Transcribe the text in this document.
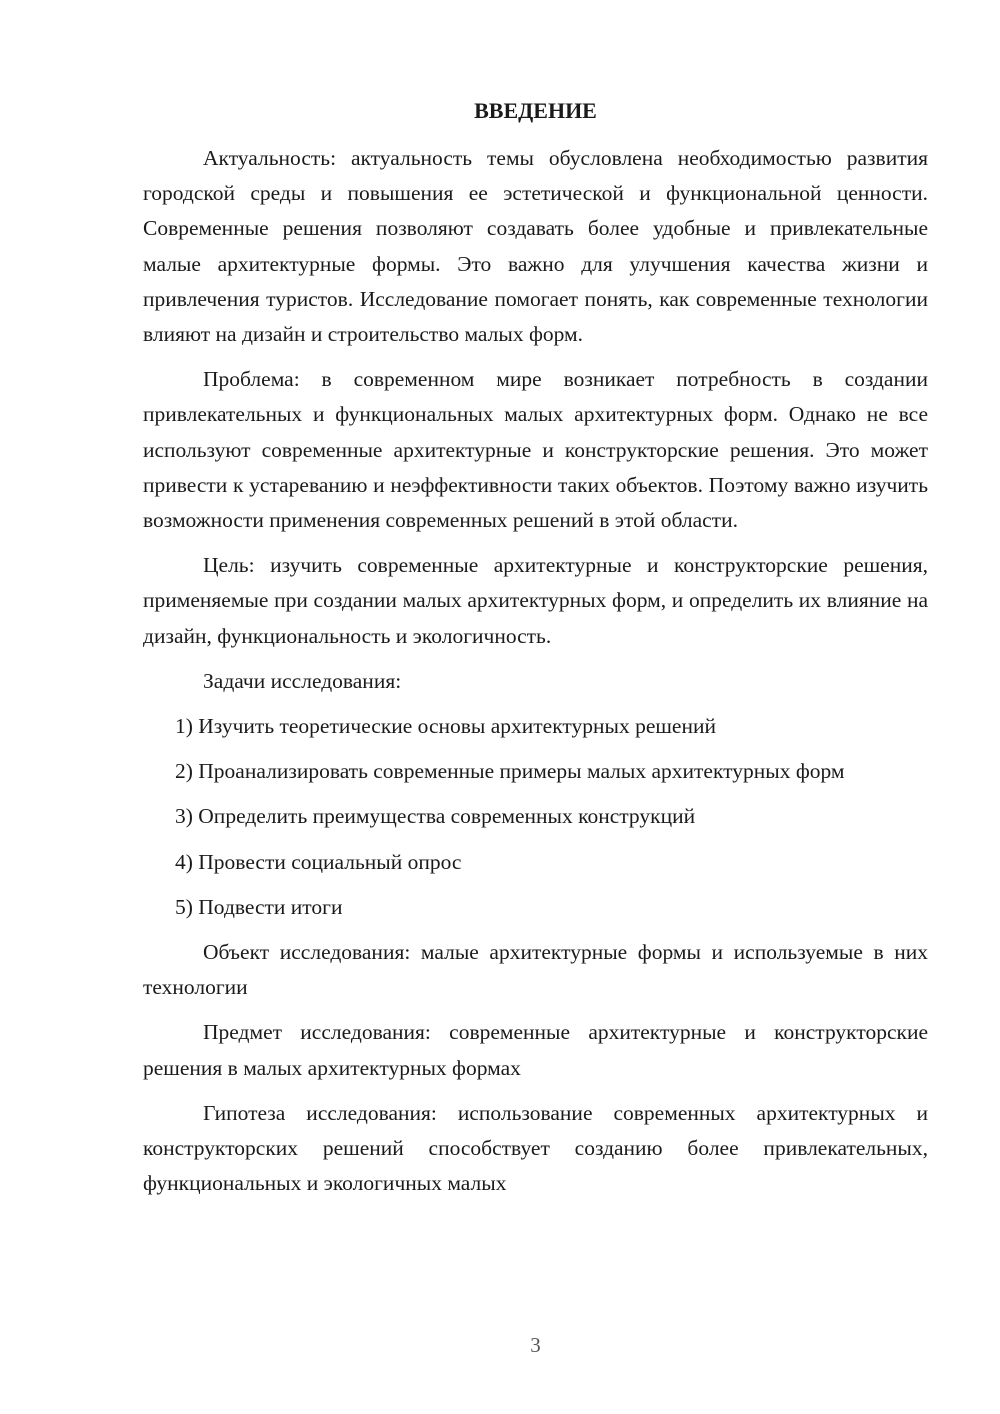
ВВЕДЕНИЕ

Актуальность: актуальность темы обусловлена необходимостью развития городской среды и повышения ее эстетической и функциональной ценности. Современные решения позволяют создавать более удобные и привлекательные малые архитектурные формы. Это важно для улучшения качества жизни и привлечения туристов. Исследование помогает понять, как современные технологии влияют на дизайн и строительство малых форм.

Проблема: в современном мире возникает потребность в создании привлекательных и функциональных малых архитектурных форм. Однако не все используют современные архитектурные и конструкторские решения. Это может привести к устареванию и неэффективности таких объектов. Поэтому важно изучить возможности применения современных решений в этой области.

Цель: изучить современные архитектурные и конструкторские решения, применяемые при создании малых архитектурных форм, и определить их влияние на дизайн, функциональность и экологичность.

Задачи исследования:

1) Изучить теоретические основы архитектурных решений

2) Проанализировать современные примеры малых архитектурных форм

3) Определить преимущества современных конструкций

4) Провести социальный опрос

5) Подвести итоги

Объект исследования: малые архитектурные формы и используемые в них технологии

Предмет исследования: современные архитектурные и конструкторские решения в малых архитектурных формах

Гипотеза исследования: использование современных архитектурных и конструкторских решений способствует созданию более привлекательных, функциональных и экологичных малых

3
